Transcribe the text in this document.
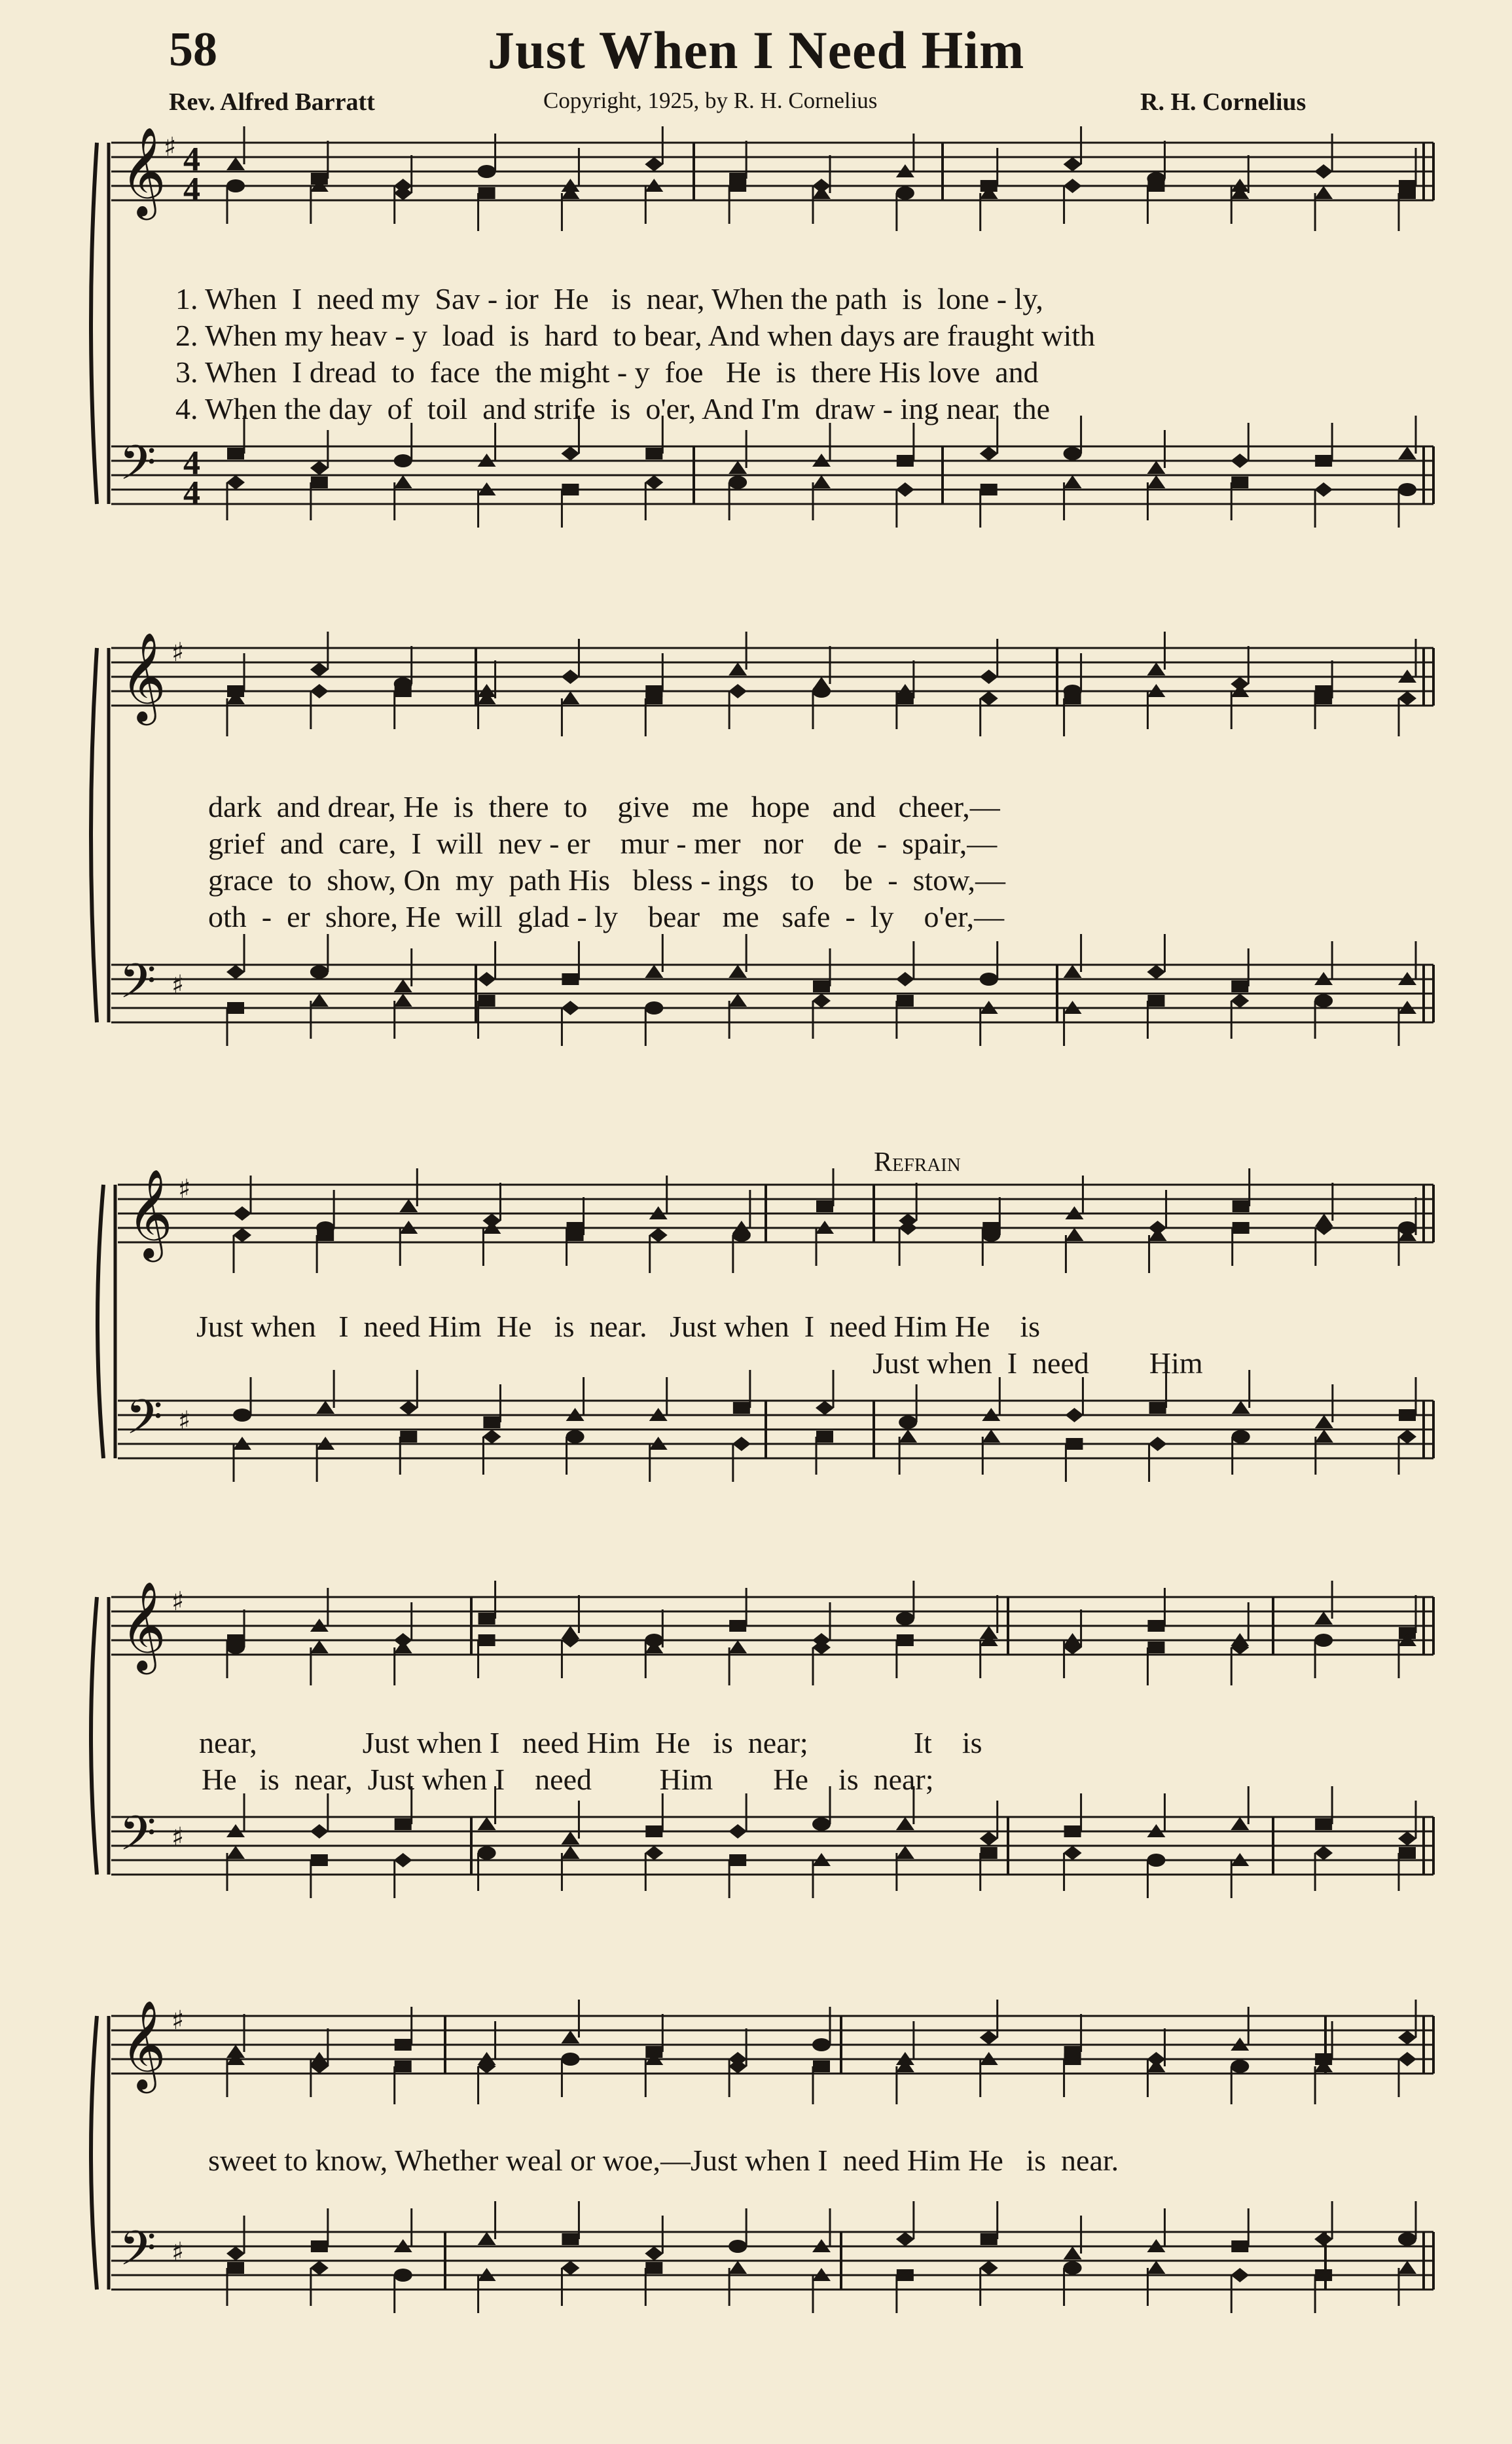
58	Just When I Need Him
Rev. Alfred Barratt	Copyright, 1925, by R. H. Cornelius	R. H. Cornelius
𝄞
𝄢
4
4
4
4
♯
𝄞
𝄢
♯
♯
𝄞
𝄢
♯
♯
𝄞
𝄢
♯
♯
𝄞
𝄢
♯
♯
1. When  I  need my  Sav - ior  He   is  near, When the path  is  lone - ly,
2. When my heav - y  load  is  hard  to bear, And when days are fraught with
3. When  I dread  to  face  the might - y  foe   He  is  there His love  and
4. When the day  of  toil  and strife  is  o'er, And I'm  draw - ing near  the
dark  and drear, He  is  there  to    give   me   hope   and   cheer,—
grief  and  care,  I  will  nev - er    mur - mer   nor    de  -  spair,—
grace  to  show, On  my  path His   bless - ings   to    be  -  stow,—
oth  -  er  shore, He  will  glad - ly    bear   me   safe  -  ly    o'er,—
Refrain
Just when   I  need Him  He   is  near.   Just when  I  need Him He    is
Just when  I  need        Him
near,              Just when I   need Him  He   is  near;              It    is
He   is  near,  Just when I    need         Him        He    is  near;
sweet to know, Whether weal or woe,—Just when I  need Him He   is  near.
